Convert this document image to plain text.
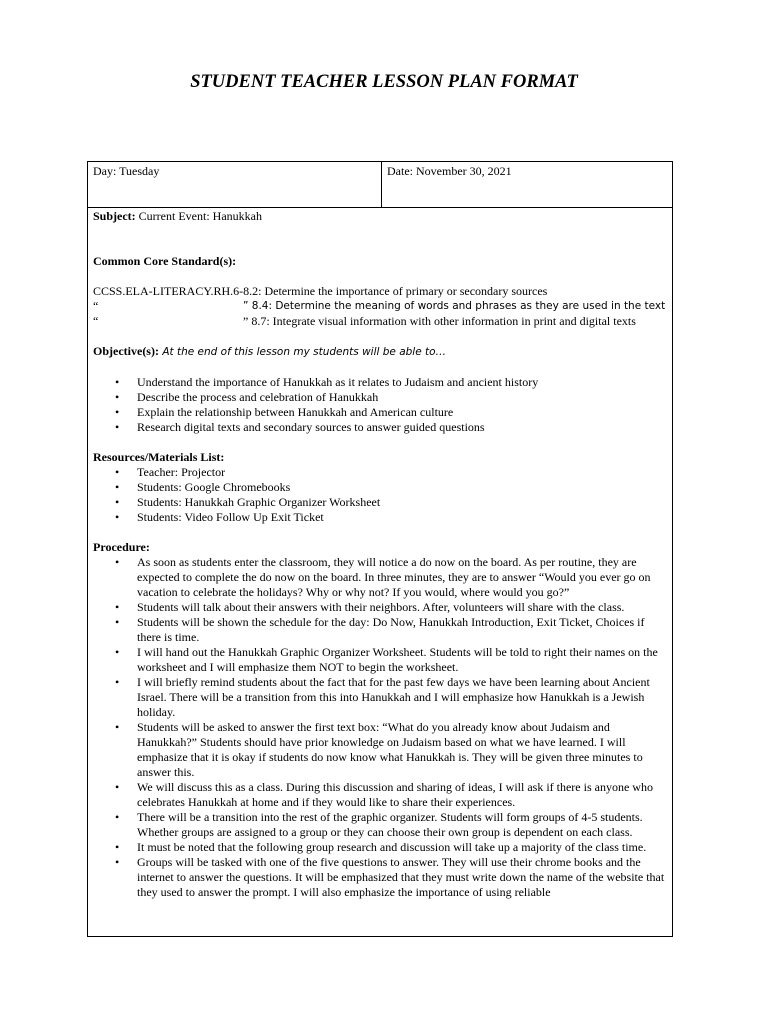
STUDENT TEACHER LESSON PLAN FORMAT
Day: Tuesday	Date: November 30, 2021

Subject: Current Event: Hanukkah

Common Core Standard(s):

CCSS.ELA-LITERACY.RH.6-8.2: Determine the importance of primary or secondary sources

“	” 8.4: Determine the meaning of words and phrases as they are used in the text
“	” 8.7: Integrate visual information with other information in print and digital texts

Objective(s): At the end of this lesson my students will be able to…

• Understand the importance of Hanukkah as it relates to Judaism and ancient history
• Describe the process and celebration of Hanukkah
• Explain the relationship between Hanukkah and American culture
• Research digital texts and secondary sources to answer guided questions

Resources/Materials List:

• Teacher: Projector
• Students: Google Chromebooks
• Students: Hanukkah Graphic Organizer Worksheet
• Students: Video Follow Up Exit Ticket

Procedure:

• As soon as students enter the classroom, they will notice a do now on the board. As per routine, they are expected to complete the do now on the board. In three minutes, they are to answer “Would you ever go on vacation to celebrate the holidays? Why or why not? If you would, where would you go?”
• Students will talk about their answers with their neighbors. After, volunteers will share with the class.
• Students will be shown the schedule for the day: Do Now, Hanukkah Introduction, Exit Ticket, Choices if there is time.
• I will hand out the Hanukkah Graphic Organizer Worksheet. Students will be told to right their names on the worksheet and I will emphasize them NOT to begin the worksheet.
• I will briefly remind students about the fact that for the past few days we have been learning about Ancient Israel. There will be a transition from this into Hanukkah and I will emphasize how Hanukkah is a Jewish holiday.
• Students will be asked to answer the first text box: “What do you already know about Judaism and Hanukkah?” Students should have prior knowledge on Judaism based on what we have learned. I will emphasize that it is okay if students do now know what Hanukkah is. They will be given three minutes to answer this.
• We will discuss this as a class. During this discussion and sharing of ideas, I will ask if there is anyone who celebrates Hanukkah at home and if they would like to share their experiences.
• There will be a transition into the rest of the graphic organizer. Students will form groups of 4-5 students. Whether groups are assigned to a group or they can choose their own group is dependent on each class.
• It must be noted that the following group research and discussion will take up a majority of the class time.
• Groups will be tasked with one of the five questions to answer. They will use their chrome books and the internet to answer the questions. It will be emphasized that they must write down the name of the website that they used to answer the prompt. I will also emphasize the importance of using reliable
